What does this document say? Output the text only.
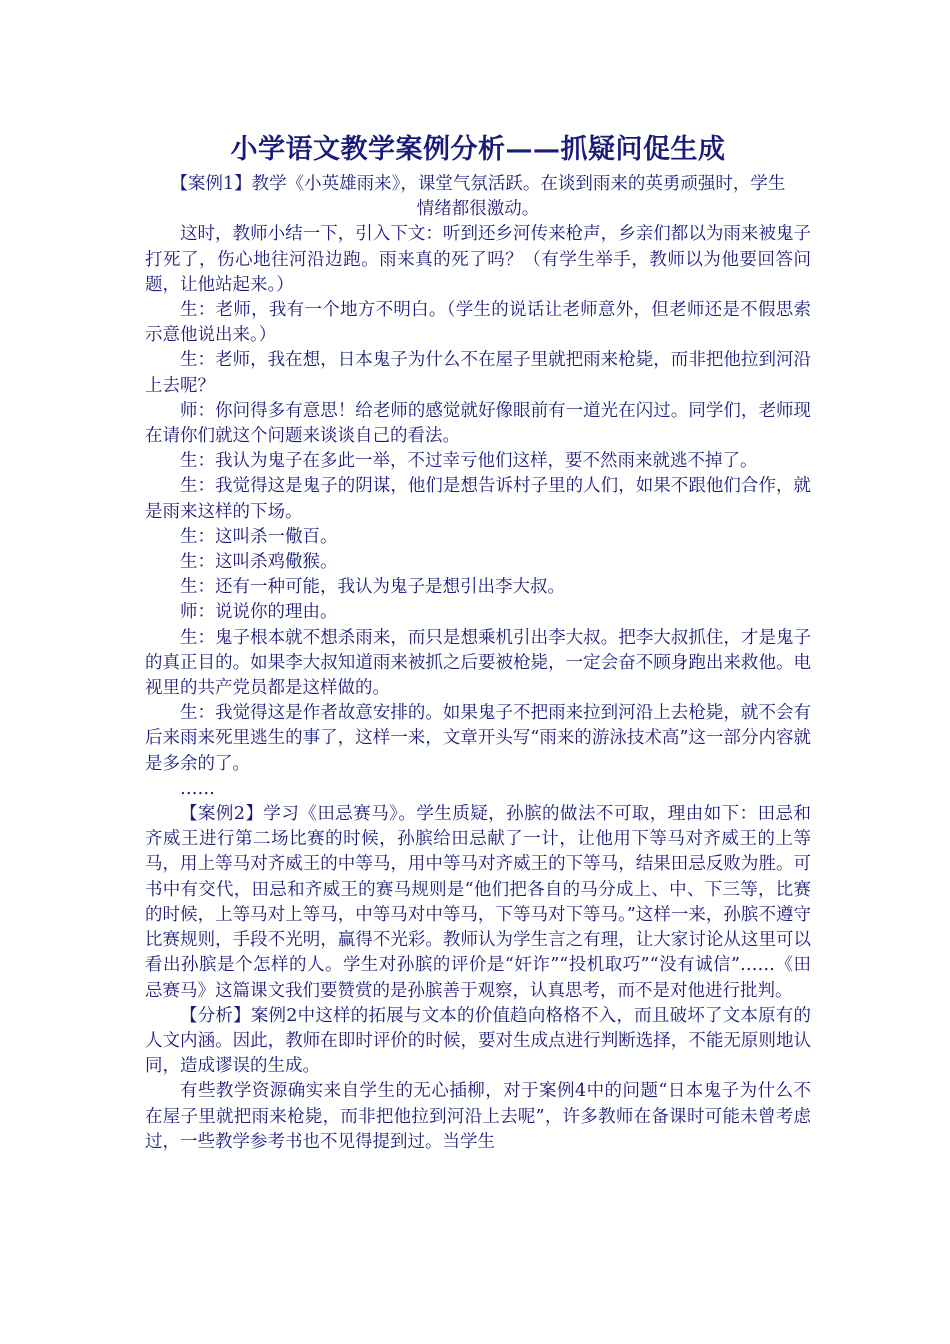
小学语文教学案例分析——抓疑问促生成

【案例1】教学《小英雄雨来》，课堂气氛活跃。在谈到雨来的英勇顽强时，学生情绪都很激动。

这时，教师小结一下，引入下文：听到还乡河传来枪声，乡亲们都以为雨来被鬼子打死了，伤心地往河沿边跑。雨来真的死了吗？（有学生举手，教师以为他要回答问题，让他站起来。）

生：老师，我有一个地方不明白。（学生的说话让老师意外，但老师还是不假思索示意他说出来。）

生：老师，我在想，日本鬼子为什么不在屋子里就把雨来枪毙，而非把他拉到河沿上去呢？

师：你问得多有意思！给老师的感觉就好像眼前有一道光在闪过。同学们，老师现在请你们就这个问题来谈谈自己的看法。

生：我认为鬼子在多此一举，不过幸亏他们这样，要不然雨来就逃不掉了。

生：我觉得这是鬼子的阴谋，他们是想告诉村子里的人们，如果不跟他们合作，就是雨来这样的下场。

生：这叫杀一儆百。

生：这叫杀鸡儆猴。

生：还有一种可能，我认为鬼子是想引出李大叔。

师：说说你的理由。

生：鬼子根本就不想杀雨来，而只是想乘机引出李大叔。把李大叔抓住，才是鬼子的真正目的。如果李大叔知道雨来被抓之后要被枪毙，一定会奋不顾身跑出来救他。电视里的共产党员都是这样做的。

生：我觉得这是作者故意安排的。如果鬼子不把雨来拉到河沿上去枪毙，就不会有后来雨来死里逃生的事了，这样一来，文章开头写“雨来的游泳技术高”这一部分内容就是多余的了。

……

【案例2】学习《田忌赛马》。学生质疑，孙膑的做法不可取，理由如下：田忌和齐威王进行第二场比赛的时候，孙膑给田忌献了一计，让他用下等马对齐威王的上等马，用上等马对齐威王的中等马，用中等马对齐威王的下等马，结果田忌反败为胜。可书中有交代，田忌和齐威王的赛马规则是“他们把各自的马分成上、中、下三等，比赛的时候，上等马对上等马，中等马对中等马，下等马对下等马。”这样一来，孙膑不遵守比赛规则，手段不光明，赢得不光彩。教师认为学生言之有理，让大家讨论从这里可以看出孙膑是个怎样的人。学生对孙膑的评价是“奸诈”“投机取巧”“没有诚信”……《田忌赛马》这篇课文我们要赞赏的是孙膑善于观察，认真思考，而不是对他进行批判。

【分析】案例2中这样的拓展与文本的价值趋向格格不入，而且破坏了文本原有的人文内涵。因此，教师在即时评价的时候，要对生成点进行判断选择，不能无原则地认同，造成谬误的生成。

有些教学资源确实来自学生的无心插柳，对于案例4中的问题“日本鬼子为什么不在屋子里就把雨来枪毙，而非把他拉到河沿上去呢”，许多教师在备课时可能未曾考虑过，一些教学参考书也不见得提到过。当学生
